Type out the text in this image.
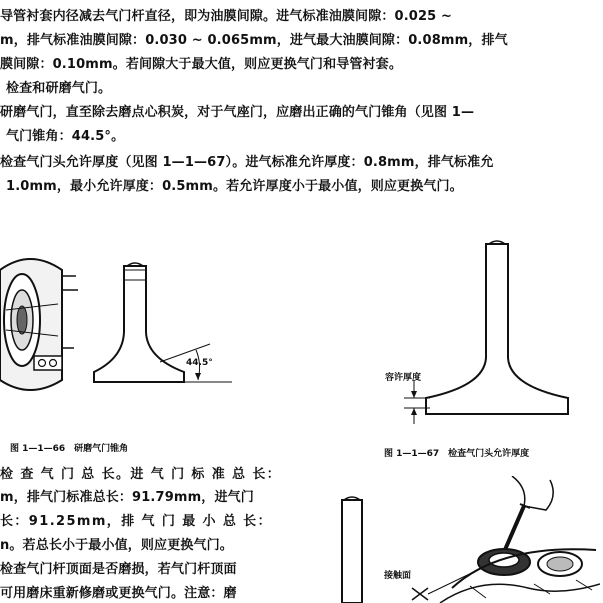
导管衬套内径减去气门杆直径，即为油膜间隙。进气标准油膜间隙：0.025 ~
m，排气标准油膜间隙：0.030 ~ 0.065mm，进气最大油膜间隙：0.08mm，排气
膜间隙：0.10mm。若间隙大于最大值，则应更换气门和导管衬套。
检查和研磨气门。
研磨气门，直至除去磨点心积炭，对于气座门，应磨出正确的气门锥角（见图 1—
气门锥角：44.5°。
检查气门头允许厚度（见图 1—1—67）。进气标准允许厚度：0.8mm，排气标准允
1.0mm，最小允许厚度：0.5mm。若允许厚度小于最小值，则应更换气门。
44.5°
图 1—1—66　研磨气门锥角
容许厚度
图 1—1—67　检查气门头允许厚度
检 查 气 门 总 长。进 气 门 标 准 总 长：
m，排气门标准总长：91.79mm，进气门
长：91.25mm，排 气 门 最 小 总 长：
n。若总长小于最小值，则应更换气门。
检查气门杆顶面是否磨损，若气门杆顶面
可用磨床重新修磨或更换气门。注意：磨
接触面
